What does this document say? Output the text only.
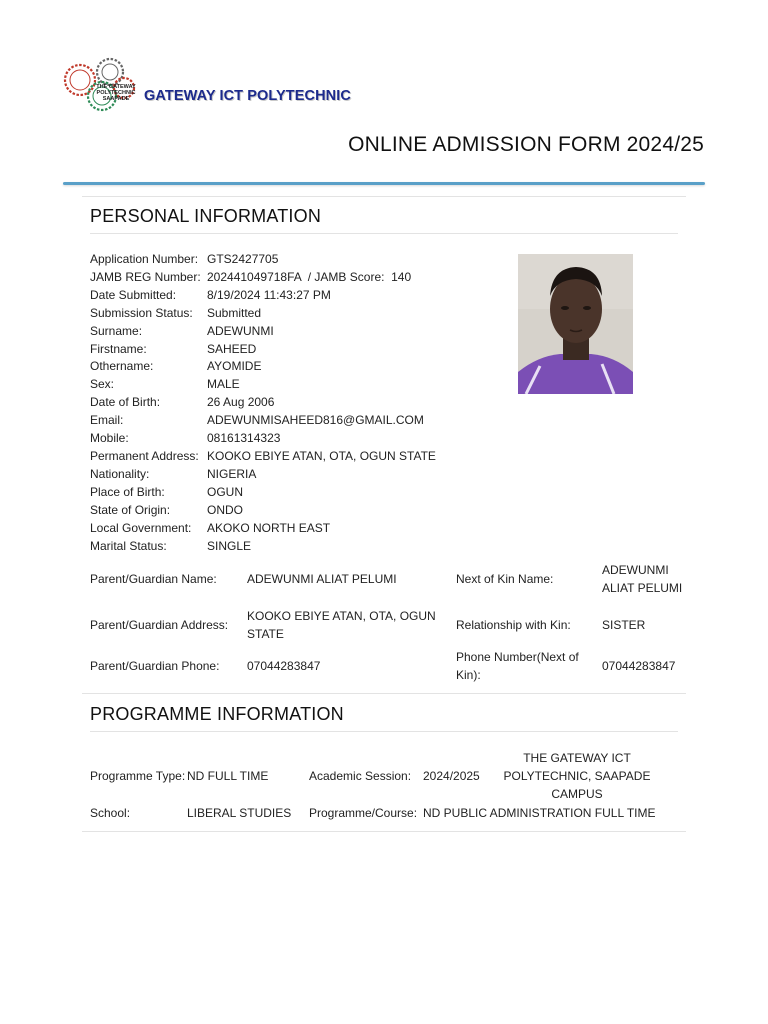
THE GATEWAY
POLYTECHNIC
SAAPADE	GATEWAY ICT POLYTECHNIC
ONLINE ADMISSION FORM 2024/25
PERSONAL INFORMATION
Application Number: GTS2427705
JAMB REG Number: 202441049718FA  / JAMB Score:  140
Date Submitted:	8/19/2024 11:43:27 PM
Submission Status:	Submitted
Surname:	ADEWUNMI
Firstname:	SAHEED
Othername:	AYOMIDE
Sex:	MALE
Date of Birth:	26 Aug 2006
Email:	ADEWUNMISAHEED816@GMAIL.COM
Mobile:	08161314323
Permanent Address: KOOKO EBIYE ATAN, OTA, OGUN STATE
Nationality:	NIGERIA
Place of Birth:	OGUN
State of Origin:	ONDO
Local Government:	AKOKO NORTH EAST
Marital Status:	SINGLE
Parent/Guardian Name:	ADEWUNMI ALIAT PELUMI	Next of Kin Name:	ADEWUNMI ALIAT PELUMI
Parent/Guardian Address:	KOOKO EBIYE ATAN, OTA, OGUN STATE	Relationship with Kin:	SISTER
Parent/Guardian Phone:	07044283847	Phone Number(Next of Kin):	07044283847
PROGRAMME INFORMATION
Programme Type:	ND FULL TIME	Academic Session:	2024/2025	THE GATEWAY ICT POLYTECHNIC, SAAPADE CAMPUS
School:	LIBERAL STUDIES	Programme/Course:	ND PUBLIC ADMINISTRATION FULL TIME	
